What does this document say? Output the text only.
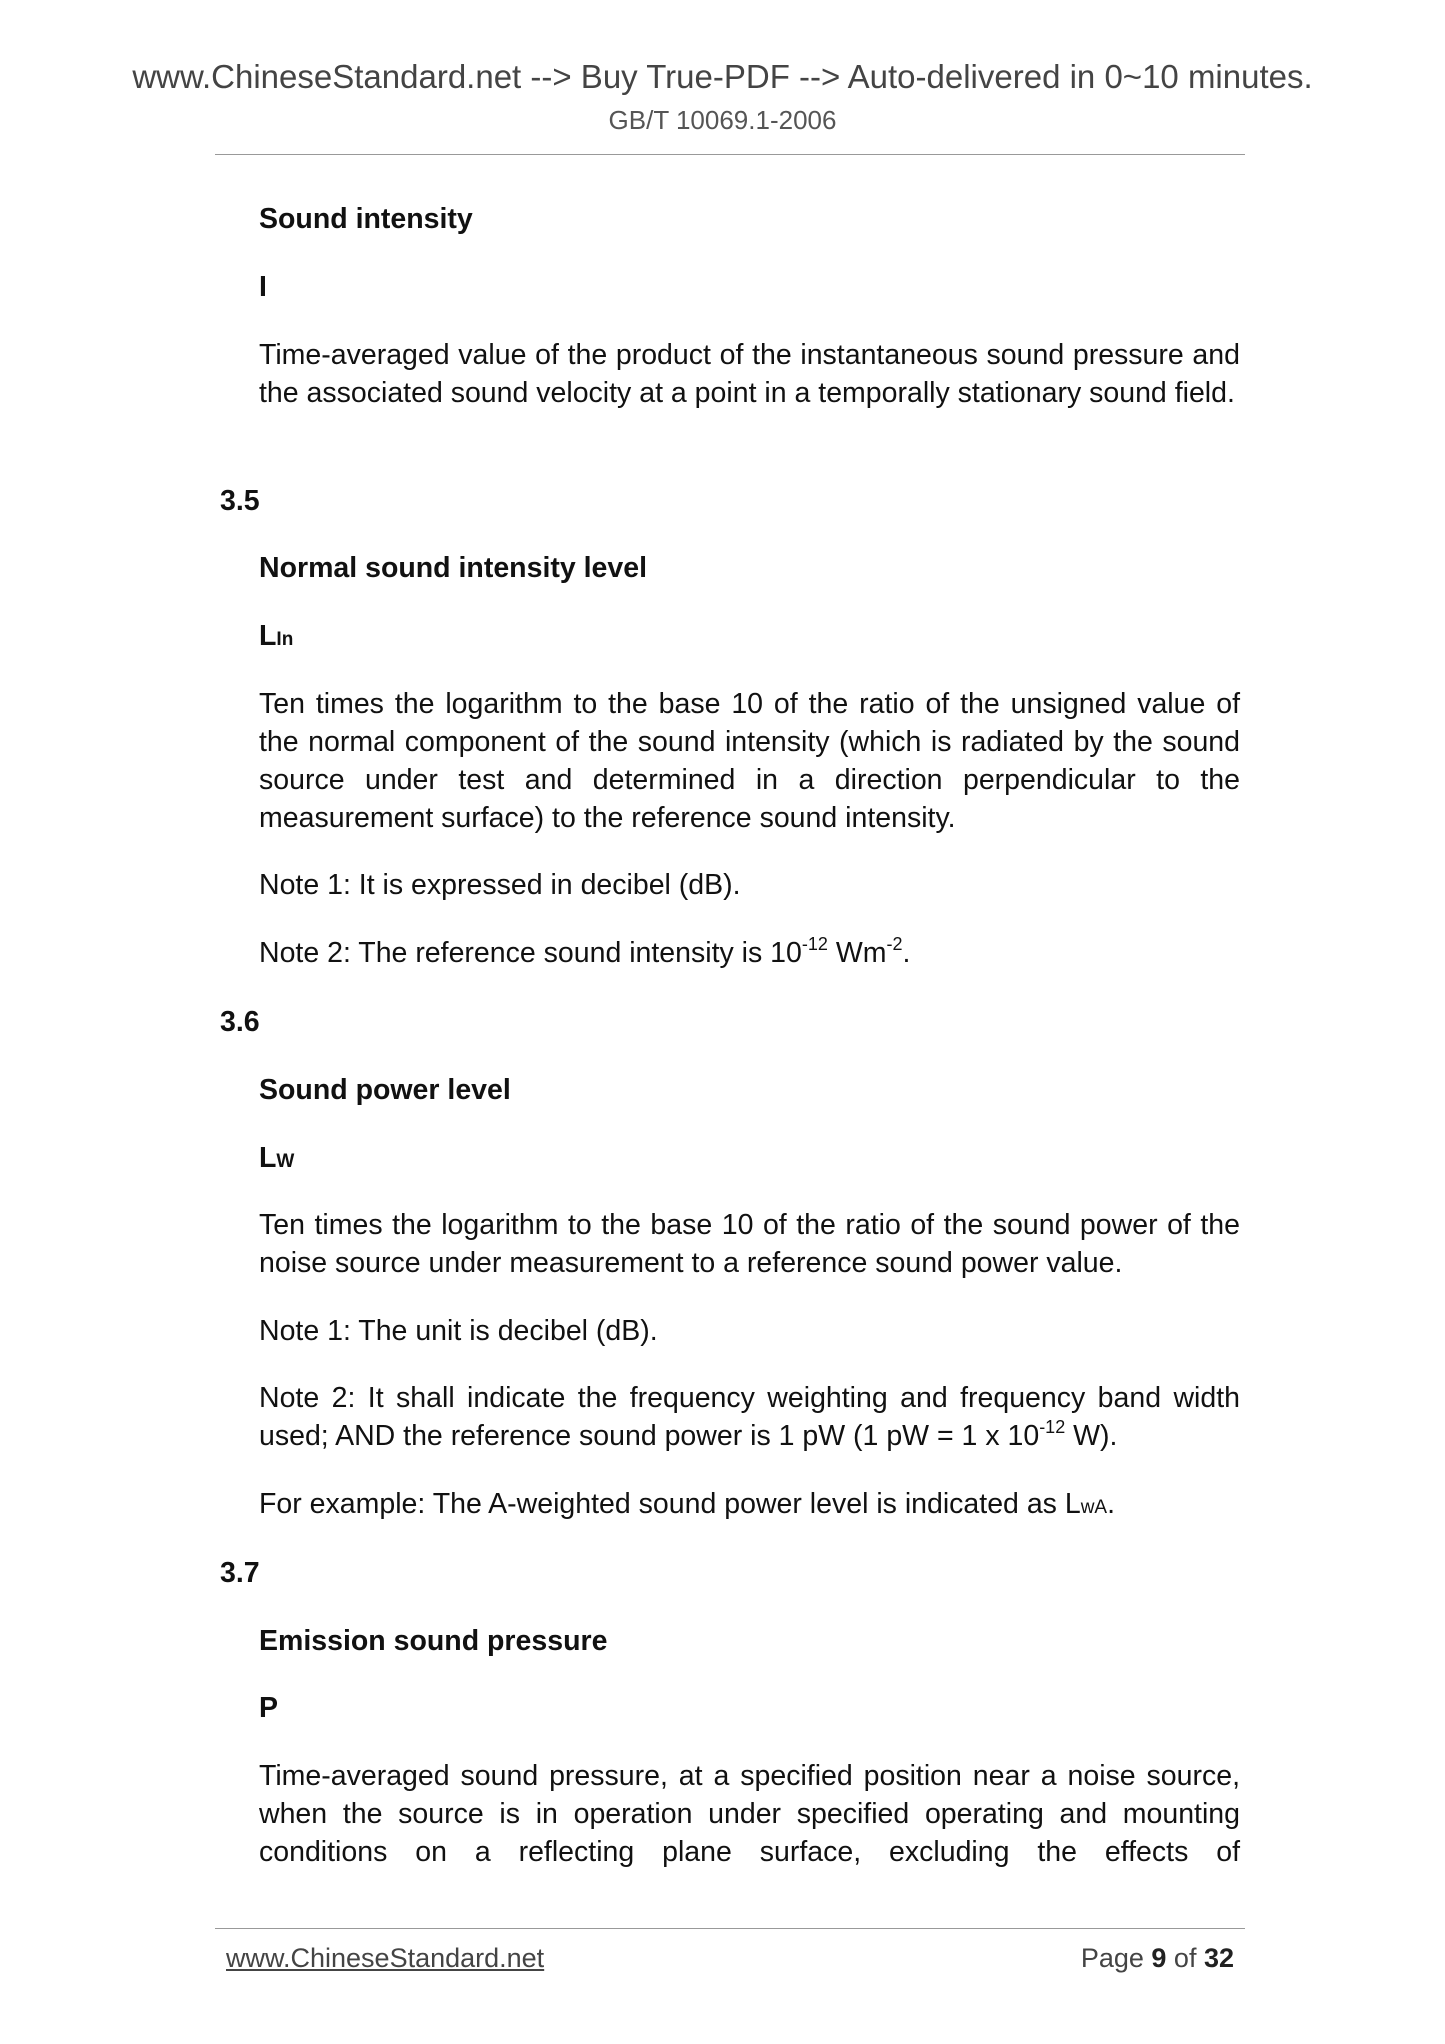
www.ChineseStandard.net --> Buy True-PDF --> Auto-delivered in 0~10 minutes.
GB/T 10069.1-2006

Sound intensity

I

Time-averaged value of the product of the instantaneous sound pressure and the associated sound velocity at a point in a temporally stationary sound field.

3.5

Normal sound intensity level

LIn

Ten times the logarithm to the base 10 of the ratio of the unsigned value of the normal component of the sound intensity (which is radiated by the sound source under test and determined in a direction perpendicular to the measurement surface) to the reference sound intensity.

Note 1: It is expressed in decibel (dB).

Note 2: The reference sound intensity is $10^{-12}$ $Wm^{-2}$.

3.6

Sound power level

LW

Ten times the logarithm to the base 10 of the ratio of the sound power of the noise source under measurement to a reference sound power value.

Note 1: The unit is decibel (dB).

Note 2: It shall indicate the frequency weighting and frequency band width used; AND the reference sound power is 1 pW (1 pW = 1 x $10^{-12}$ W).

For example: The A-weighted sound power level is indicated as LwA.

3.7

Emission sound pressure

P

Time-averaged sound pressure, at a specified position near a noise source, when the source is in operation under specified operating and mounting conditions on a reflecting plane surface, excluding the effects of

www.ChineseStandard.net	Page 9 of 32
